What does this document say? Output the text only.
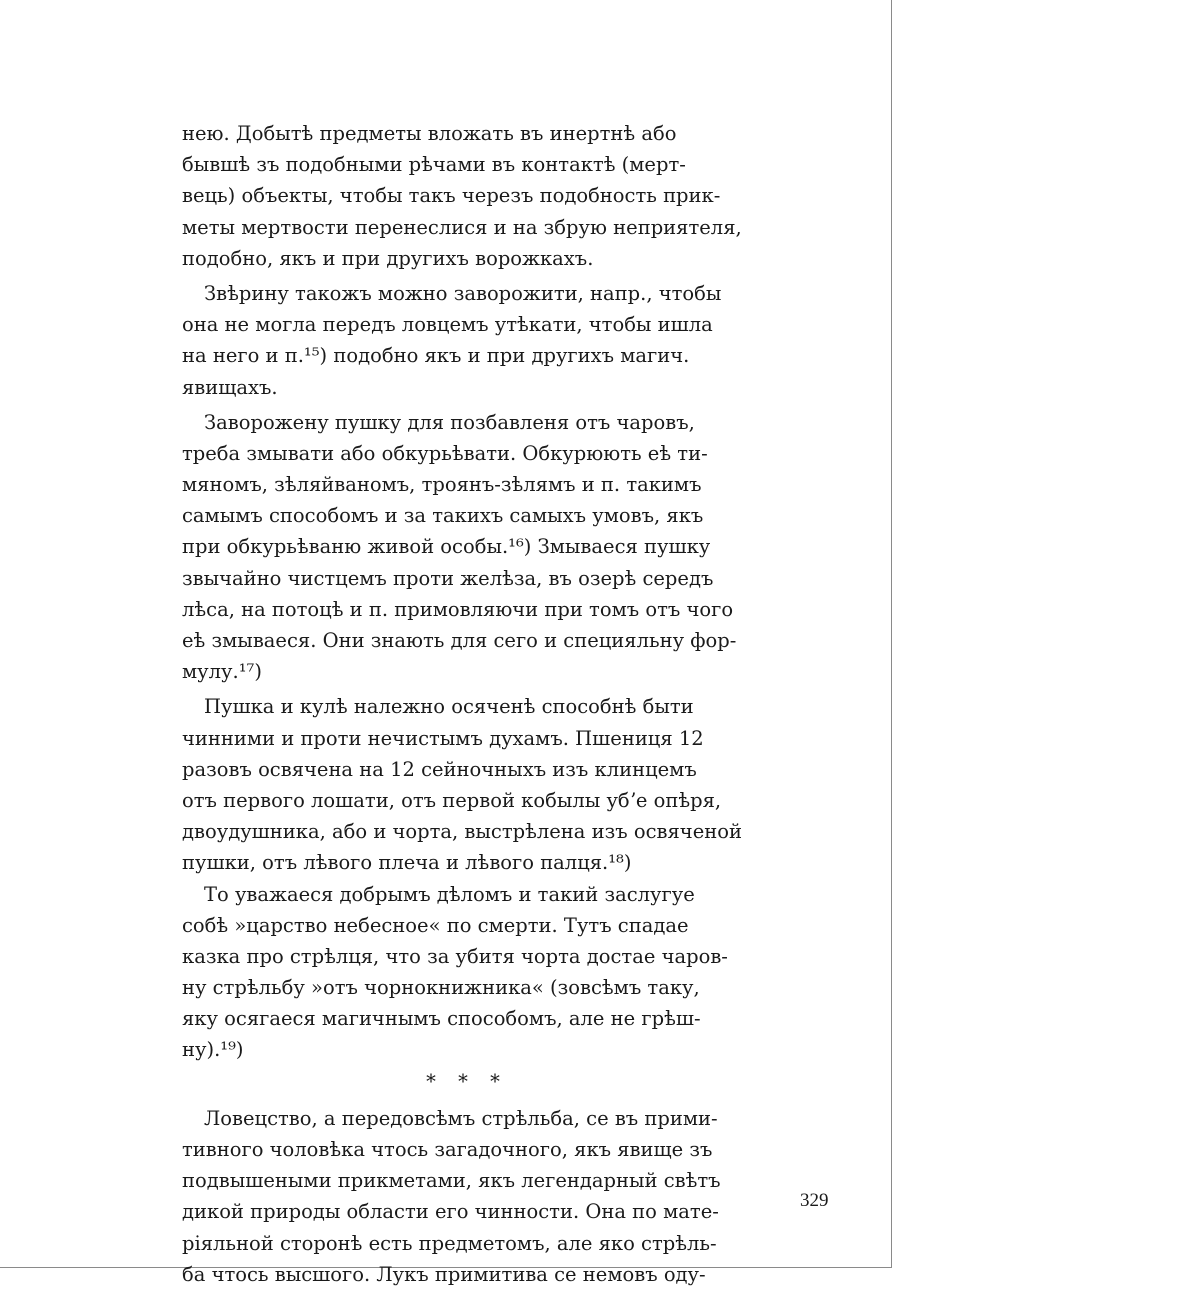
нею. Добытѣ предметы вложать въ инертнѣ або
бывшѣ зъ подобными рѣчами въ контактѣ (мерт-
вець) объекты, чтобы такъ черезъ подобность прик-
меты мертвости перенеслися и на збрую неприятеля,
подобно, якъ и при другихъ ворожкахъ.
Звѣрину такожъ можно заворожити, напр., чтобы
она не могла передъ ловцемъ утѣкати, чтобы ишла
на него и п.¹⁵) подобно якъ и при другихъ магич.
явищахъ.
Заворожену пушку для позбавленя отъ чаровъ,
треба змывати або обкурьѣвати. Обкурюють еѣ ти-
мяномъ, зѣляйваномъ, троянъ-зѣлямъ и п. такимъ
самымъ способомъ и за такихъ самыхъ умовъ, якъ
при обкурьѣваню живой особы.¹⁶) Змываеся пушку
звычайно чистцемъ проти желѣза, въ озерѣ середъ
лѣса, на потоцѣ и п. примовляючи при томъ отъ чого
еѣ змываеся. Они знають для сего и специяльну фор-
мулу.¹⁷)
Пушка и кулѣ належно осяченѣ способнѣ быти
чинними и проти нечистымъ духамъ. Пшениця 12
разовъ освячена на 12 сейночныхъ изъ клинцемъ
отъ первого лошати, отъ первой кобылы убʼе опѣря,
двоудушника, або и чорта, выстрѣлена изъ освяченой
пушки, отъ лѣвого плеча и лѣвого палця.¹⁸)
То уважаеся добрымъ дѣломъ и такий заслугуе
собѣ »царство небесное« по смерти. Тутъ спадае
казка про стрѣлця, что за убитя чорта достае чаров-
ну стрѣльбу »отъ чорнокнижника« (зовсѣмъ таку,
яку осягаеся магичнымъ способомъ, але не грѣш-
ну).¹⁹)
* * *
Ловецство, а передовсѣмъ стрѣльба, се въ прими-
тивного чоловѣка чтось загадочного, якъ явище зъ
подвышеными прикметами, якъ легендарный свѣтъ
дикой природы области его чинности. Она по мате-
ріяльной сторонѣ есть предметомъ, але яко стрѣль-
ба чтось высшого. Лукъ примитива се немовъ оду-
329
